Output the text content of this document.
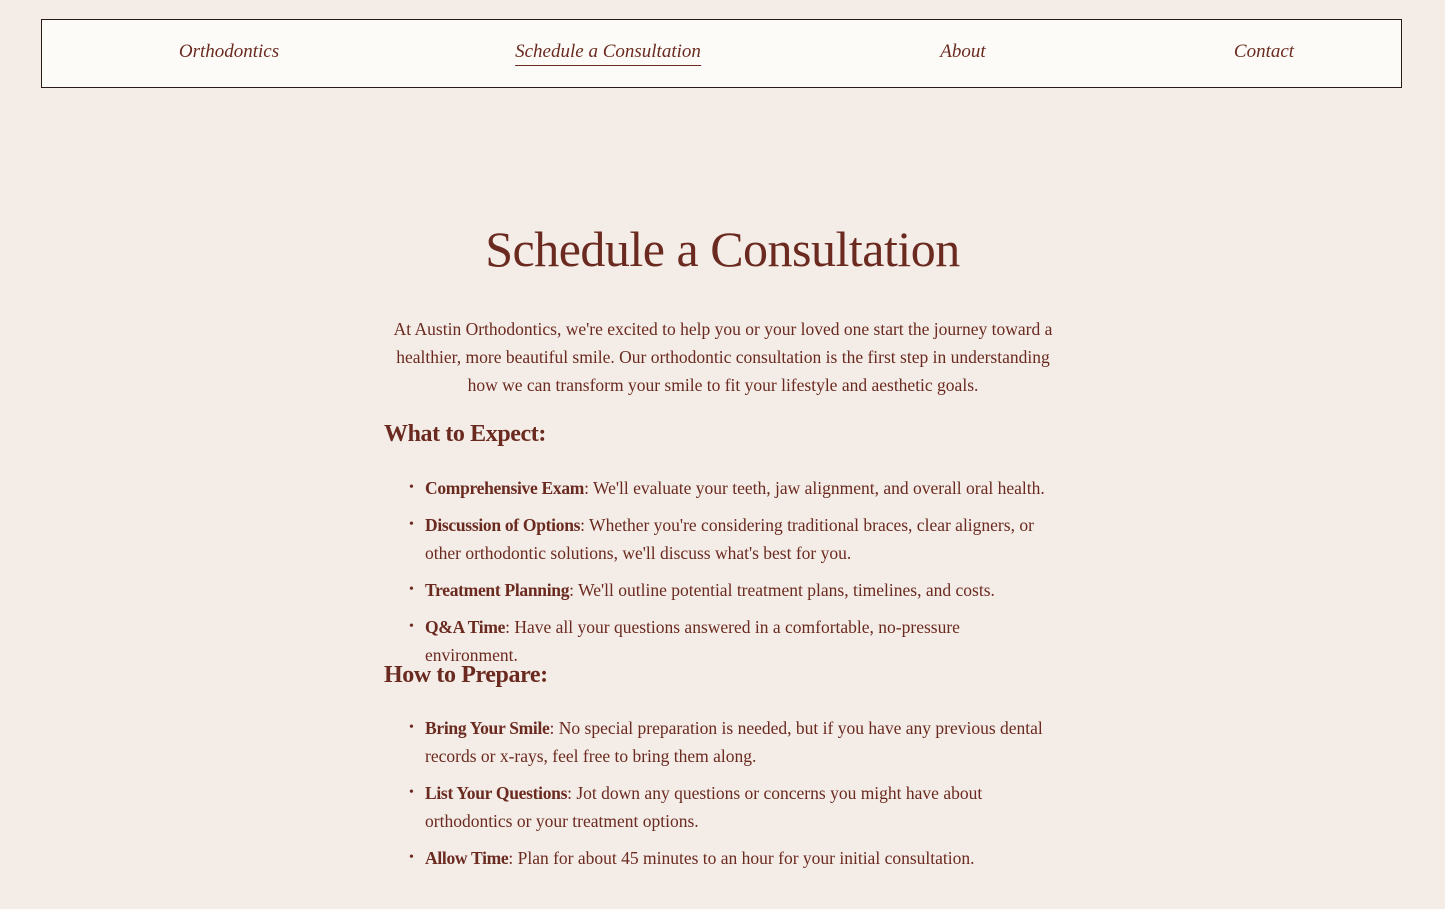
Orthodontics	Schedule a Consultation	About	Contact
Schedule a Consultation

At Austin Orthodontics, we're excited to help you or your loved one start the journey toward a healthier, more beautiful smile. Our orthodontic consultation is the first step in understanding how we can transform your smile to fit your lifestyle and aesthetic goals.

What to Expect:
• Comprehensive Exam: We'll evaluate your teeth, jaw alignment, and overall oral health.
• Discussion of Options: Whether you're considering traditional braces, clear aligners, or other orthodontic solutions, we'll discuss what's best for you.
• Treatment Planning: We'll outline potential treatment plans, timelines, and costs.
• Q&A Time: Have all your questions answered in a comfortable, no-pressure environment.
How to Prepare:
• Bring Your Smile: No special preparation is needed, but if you have any previous dental records or x-rays, feel free to bring them along.
• List Your Questions: Jot down any questions or concerns you might have about orthodontics or your treatment options.
• Allow Time: Plan for about 45 minutes to an hour for your initial consultation.
